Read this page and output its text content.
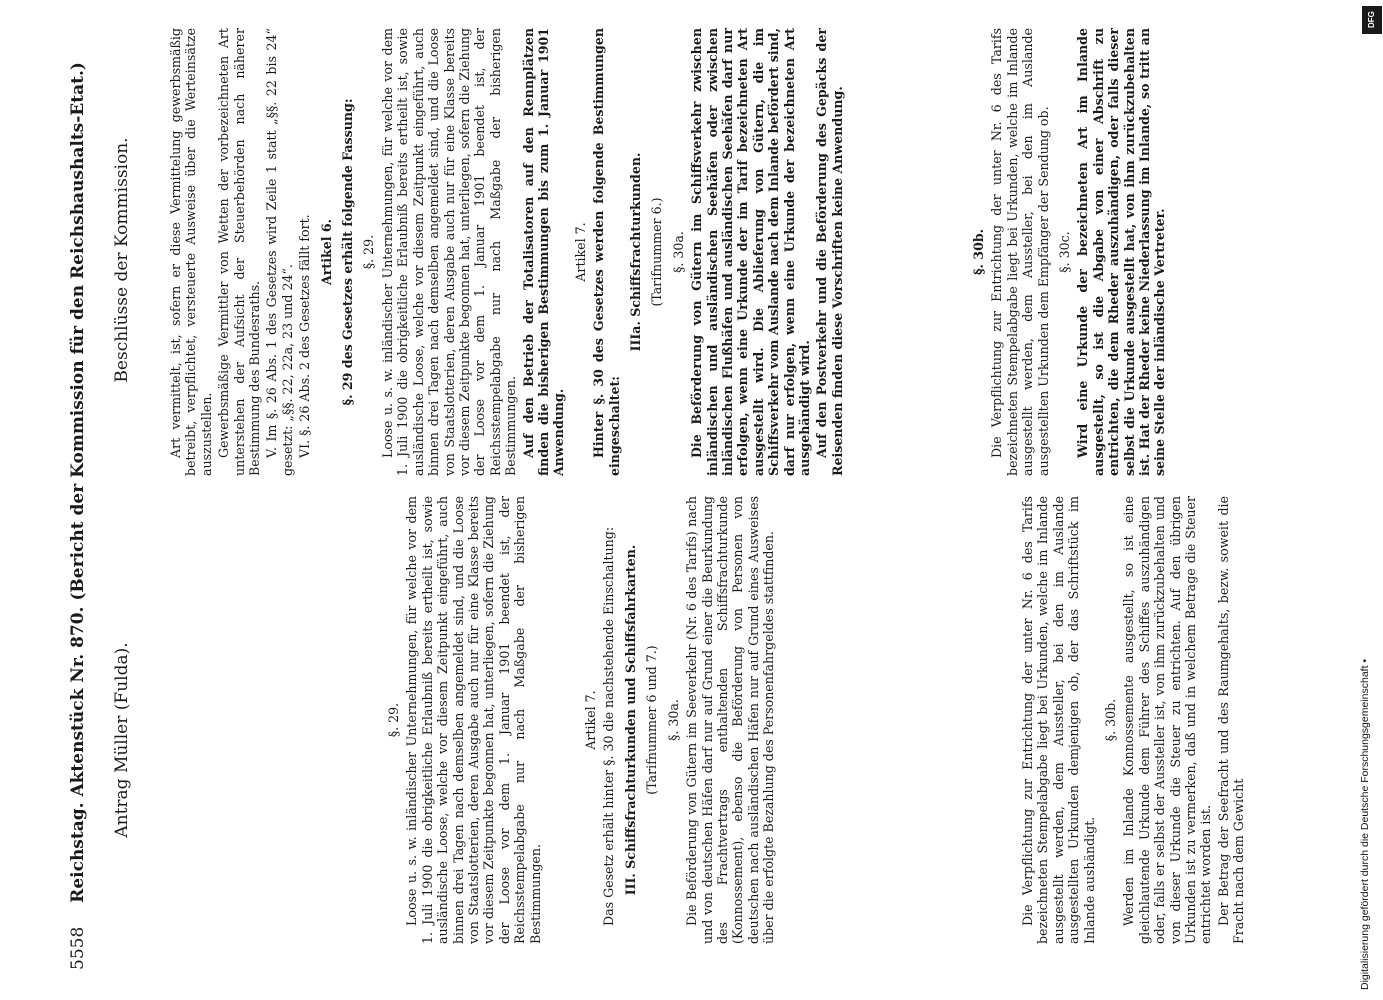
5558 Reichstag. Aktenstück Nr. 870. (Bericht der Kommission für den Reichshaushalts-Etat.)	Antrag Müller (Fulda).
Beschlüsse der Kommission.

§. 29. Loose u. s. w. inländischer Unternehmungen, für welche vor dem 1. Juli 1900 die obrigkeitliche Erlaubniß bereits ertheilt ist, sowie ausländische Loose, welche vor diesem Zeitpunkt eingeführt, auch binnen drei Tagen nach demselben angemeldet sind, und die Loose von Staatslotterien, deren Ausgabe auch nur für eine Klasse bereits vor diesem Zeitpunkte begonnen hat, unterliegen, sofern die Ziehung der Loose vor dem 1. Januar 1901 beendet ist, der Reichsstempelabgabe nur nach Maßgabe der bisherigen Bestimmungen.

Artikel 7. Das Gesetz erhält hinter §. 30 die nachstehende Einschaltung: III. Schiffsfrachturkunden und Schiffsfahrkarten. (Tarifnummer 6 und 7.) §. 30a. Die Beförderung von Gütern im Seeverkehr (Nr. 6 des Tarifs) nach und von deutschen Häfen darf nur auf Grund einer die Beurkundung des Frachtvertrags enthaltenden Schiffsfrachturkunde (Konnossement), ebenso die Beförderung von Personen von deutschen nach ausländischen Häfen nur auf Grund eines Ausweises über die erfolgte Bezahlung des Personenfahrgeldes stattfinden.

Art vermittelt, ist, sofern er diese Vermittelung gewerbsmäßig betreibt, verpflichtet, versteuerte Ausweise über die Werteinsätze auszustellen. Gewerbsmäßige Vermittler von Wetten der vorbezeichneten Art unterstehen der Aufsicht der Steuerbehörden nach näherer Bestimmung des Bundesraths. V. Im §. 26 Abs. 1 des Gesetzes wird Zeile 1 statt „§§. 22 bis 24“ gesetzt: „§§. 22, 22a, 23 und 24“. VI. §. 26 Abs. 2 des Gesetzes fällt fort. Artikel 6. §. 29 des Gesetzes erhält folgende Fassung: §. 29. Loose u. s. w. inländischer Unternehmungen, für welche vor dem 1. Juli 1900 die obrigkeitliche Erlaubniß bereits ertheilt ist, sowie ausländische Loose, welche vor diesem Zeitpunkt eingeführt, auch binnen drei Tagen nach demselben angemeldet sind, und die Loose von Staatslotterien, deren Ausgabe auch nur für eine Klasse bereits vor diesem Zeitpunkte begonnen hat, unterliegen, sofern die Ziehung der Loose vor dem 1. Januar 1901 beendet ist, der Reichsstempelabgabe nur nach Maßgabe der bisherigen Bestimmungen. Auf den Betrieb der Totalisatoren auf den Rennplätzen finden die bisherigen Bestimmungen bis zum 1. Januar 1901 Anwendung.

Artikel 7. Hinter §. 30 des Gesetzes werden folgende Bestimmungen eingeschaltet:

IIIa. Schiffsfrachturkunden. (Tarifnummer 6.) §. 30a. Die Beförderung von Gütern im Schiffsverkehr zwischen inländischen und ausländischen Seehäfen oder zwischen inländischen Flußhäfen und ausländischen Seehäfen darf nur erfolgen, wenn eine Urkunde der im Tarif bezeichneten Art ausgestellt wird. Die Ablieferung von Gütern, die im Schiffsverkehr vom Auslande nach dem Inlande befördert sind, darf nur erfolgen, wenn eine Urkunde der bezeichneten Art ausgehändigt wird. Auf den Postverkehr und die Beförderung des Gepäcks der Reisenden finden diese Vorschriften keine Anwendung.

Die Verpflichtung zur Entrichtung der unter Nr. 6 des Tarifs bezeichneten Stempelabgabe liegt bei Urkunden, welche im Inlande ausgestellt werden, dem Aussteller, bei den im Auslande ausgestellten Urkunden demjenigen ob, der das Schriftstück im Inlande aushändigt.

§. 30b. Werden im Inlande Konnossemente ausgestellt, so ist eine gleichlautende Urkunde dem Führer des Schiffes auszuhändigen oder, falls er selbst der Aussteller ist, von ihm zurückzubehalten und von dieser Urkunde die Steuer zu entrichten. Auf den übrigen Urkunden ist zu vermerken, daß und in welchem Betrage die Steuer entrichtet worden ist. Der Betrag der Seefracht und des Raumgehalts, bezw. soweit die Fracht nach dem Gewicht

§. 30b. Die Verpflichtung zur Entrichtung der unter Nr. 6 des Tarifs bezeichneten Stempelabgabe liegt bei Urkunden, welche im Inlande ausgestellt werden, dem Aussteller, bei den im Auslande ausgestellten Urkunden dem Empfänger der Sendung ob. §. 30c. Wird eine Urkunde der bezeichneten Art im Inlande ausgestellt, so ist die Abgabe von einer Abschrift zu entrichten, die dem Rheder auszuhändigen, oder falls dieser selbst die Urkunde ausgestellt hat, von ihm zurückzubehalten ist. Hat der Rheder keine Niederlassung im Inlande, so tritt an seine Stelle der inländische Vertreter.

DFG
Digitalisierung gefördert durch die Deutsche Forschungsgemeinschaft •
